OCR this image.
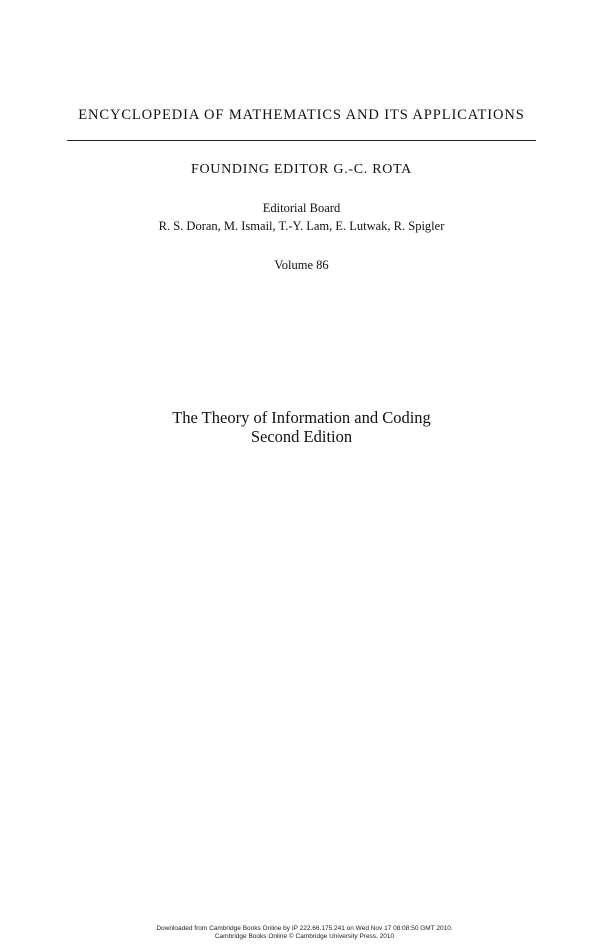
ENCYCLOPEDIA OF MATHEMATICS AND ITS APPLICATIONS
FOUNDING EDITOR G.-C. ROTA
Editorial Board
R. S. Doran, M. Ismail, T.-Y. Lam, E. Lutwak, R. Spigler
Volume 86
The Theory of Information and Coding
Second Edition
Downloaded from Cambridge Books Online by IP 222.66.175.241 on Wed Nov 17 08:08:50 GMT 2010.
Cambridge Books Online © Cambridge University Press, 2010
